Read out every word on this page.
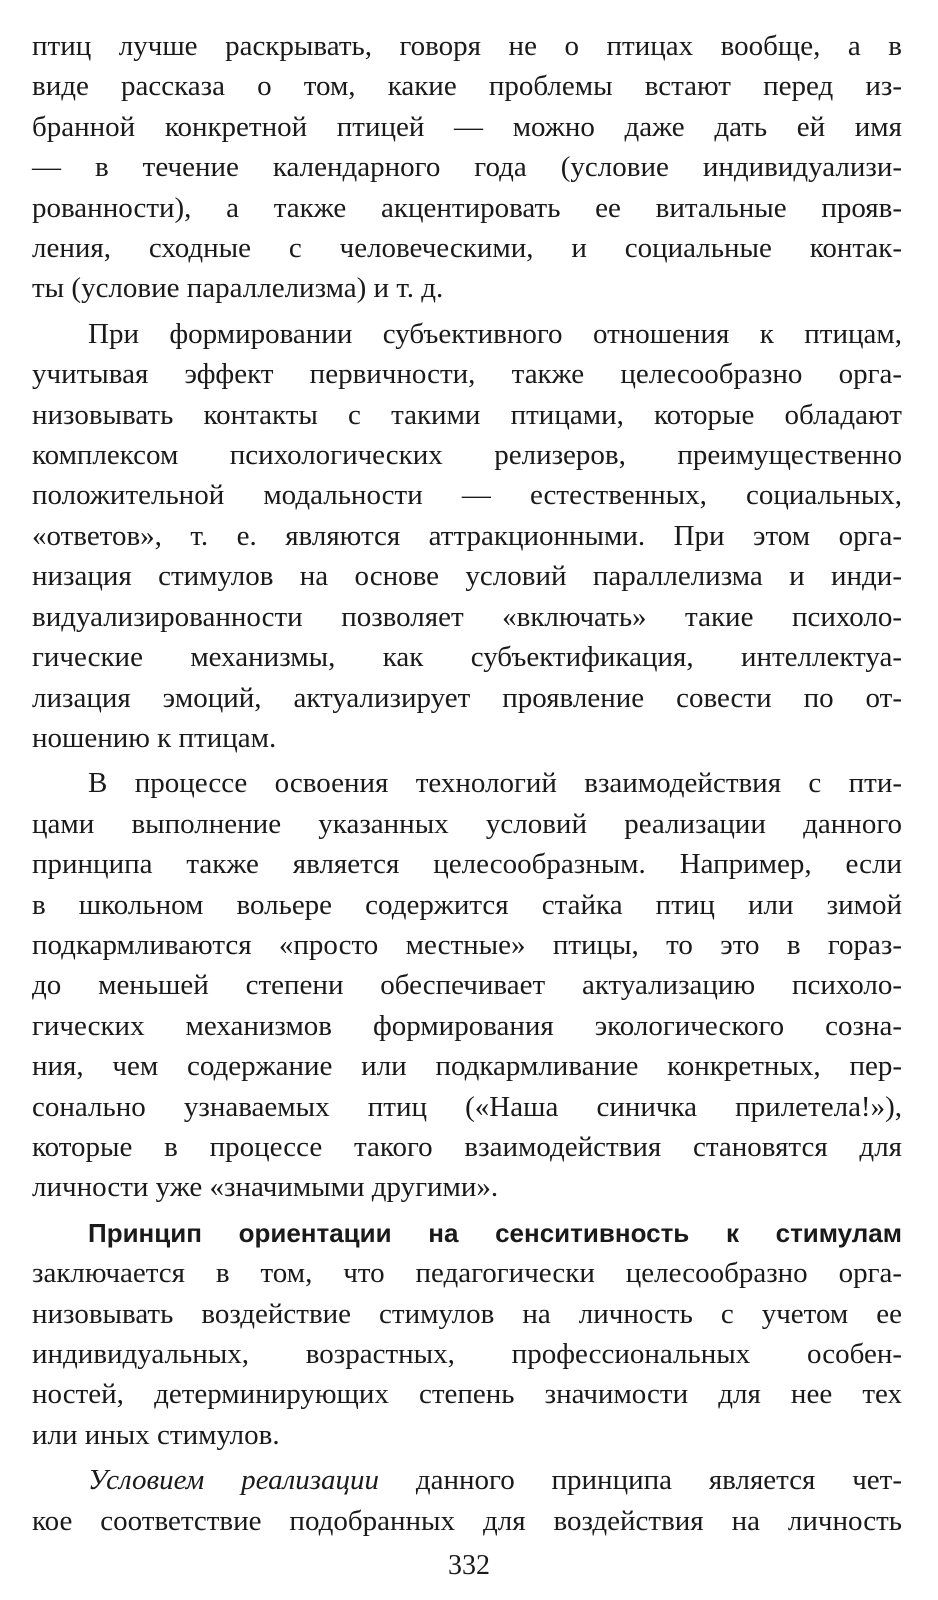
птиц лучше раскрывать, говоря не о птицах вообще, а в
виде рассказа о том, какие проблемы встают перед из-
бранной конкретной птицей — можно даже дать ей имя
— в течение календарного года (условие индивидуализи-
рованности), а также акцентировать ее витальные прояв-
ления, сходные с человеческими, и социальные контак-
ты (условие параллелизма) и т. д.
При формировании субъективного отношения к птицам,
учитывая эффект первичности, также целесообразно орга-
низовывать контакты с такими птицами, которые обладают
комплексом психологических релизеров, преимущественно
положительной модальности — естественных, социальных,
«ответов», т. е. являются аттракционными. При этом орга-
низация стимулов на основе условий параллелизма и инди-
видуализированности позволяет «включать» такие психоло-
гические механизмы, как субъектификация, интеллектуа-
лизация эмоций, актуализирует проявление совести по от-
ношению к птицам.
В процессе освоения технологий взаимодействия с пти-
цами выполнение указанных условий реализации данного
принципа также является целесообразным. Например, если
в школьном вольере содержится стайка птиц или зимой
подкармливаются «просто местные» птицы, то это в гораз-
до меньшей степени обеспечивает актуализацию психоло-
гических механизмов формирования экологического созна-
ния, чем содержание или подкармливание конкретных, пер-
сонально узнаваемых птиц («Наша синичка прилетела!»),
которые в процессе такого взаимодействия становятся для
личности уже «значимыми другими».
Принцип ориентации на сенситивность к стимулам
заключается в том, что педагогически целесообразно орга-
низовывать воздействие стимулов на личность с учетом ее
индивидуальных, возрастных, профессиональных особен-
ностей, детерминирующих степень значимости для нее тех
или иных стимулов.
Условием реализации данного принципа является чет-
кое соответствие подобранных для воздействия на личность
332
